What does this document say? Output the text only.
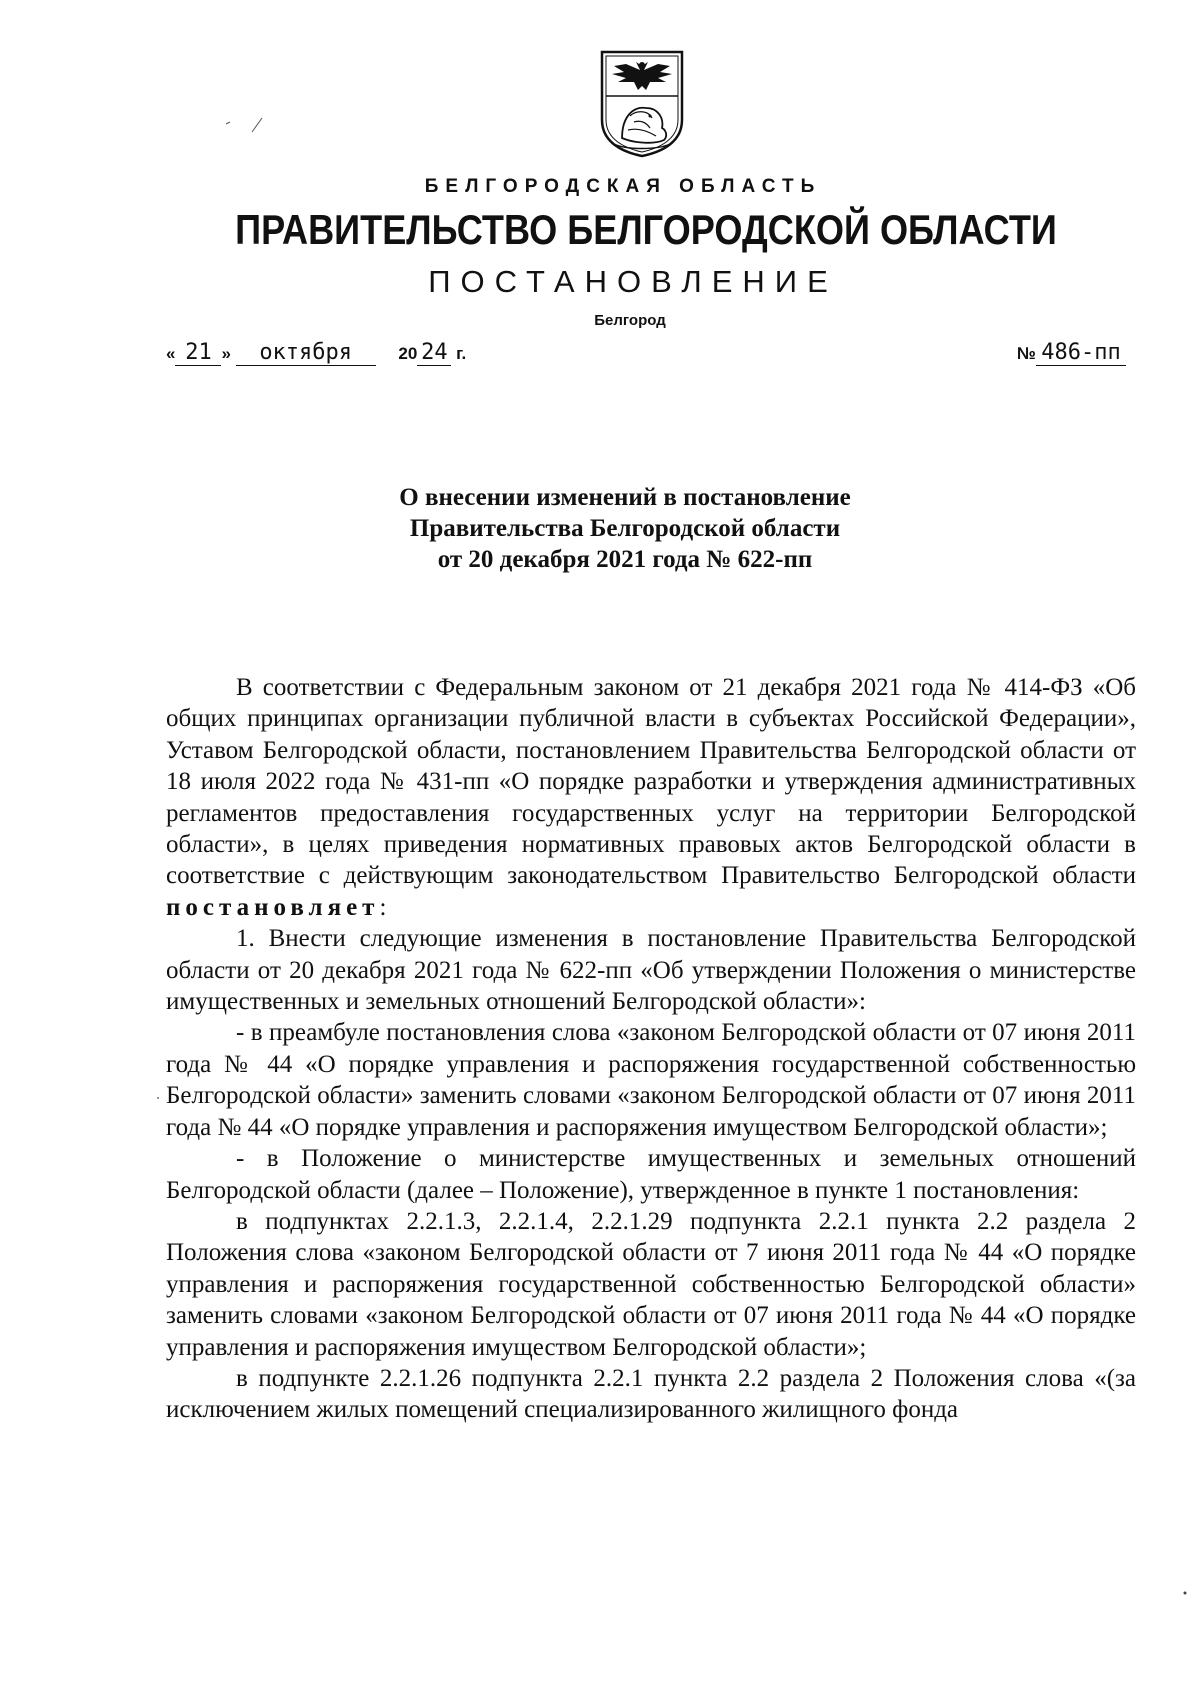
БЕЛГОРОДСКАЯ ОБЛАСТЬ
ПРАВИТЕЛЬСТВО БЕЛГОРОДСКОЙ ОБЛАСТИ
ПОСТАНОВЛЕНИЕ
Белгород
« 21 » октября	20 24 г.	№ 486-пп
О внесении изменений в постановление
Правительства Белгородской области
от 20 декабря 2021 года № 622-пп

В соответствии с Федеральным законом от 21 декабря 2021 года № 414-ФЗ «Об общих принципах организации публичной власти в субъектах Российской Федерации», Уставом Белгородской области, постановлением Правительства Белгородской области от 18 июля 2022 года № 431-пп «О порядке разработки и утверждения административных регламентов предоставления государственных услуг на территории Белгородской области», в целях приведения нормативных правовых актов Белгородской области в соответствие с действующим законодательством Правительство Белгородской области постановляет:

1. Внести следующие изменения в постановление Правительства Белгородской области от 20 декабря 2021 года № 622-пп «Об утверждении Положения о министерстве имущественных и земельных отношений Белгородской области»:

- в преамбуле постановления слова «законом Белгородской области от 07 июня 2011 года № 44 «О порядке управления и распоряжения государственной собственностью Белгородской области» заменить словами «законом Белгородской области от 07 июня 2011 года № 44 «О порядке управления и распоряжения имуществом Белгородской области»;

- в Положение о министерстве имущественных и земельных отношений Белгородской области (далее – Положение), утвержденное в пункте 1 постановления:

в подпунктах 2.2.1.3, 2.2.1.4, 2.2.1.29 подпункта 2.2.1 пункта 2.2 раздела 2 Положения слова «законом Белгородской области от 7 июня 2011 года № 44 «О порядке управления и распоряжения государственной собственностью Белгородской области» заменить словами «законом Белгородской области от 07 июня 2011 года № 44 «О порядке управления и распоряжения имуществом Белгородской области»;

в подпункте 2.2.1.26 подпункта 2.2.1 пункта 2.2 раздела 2 Положения слова «(за исключением жилых помещений специализированного жилищного фонда
